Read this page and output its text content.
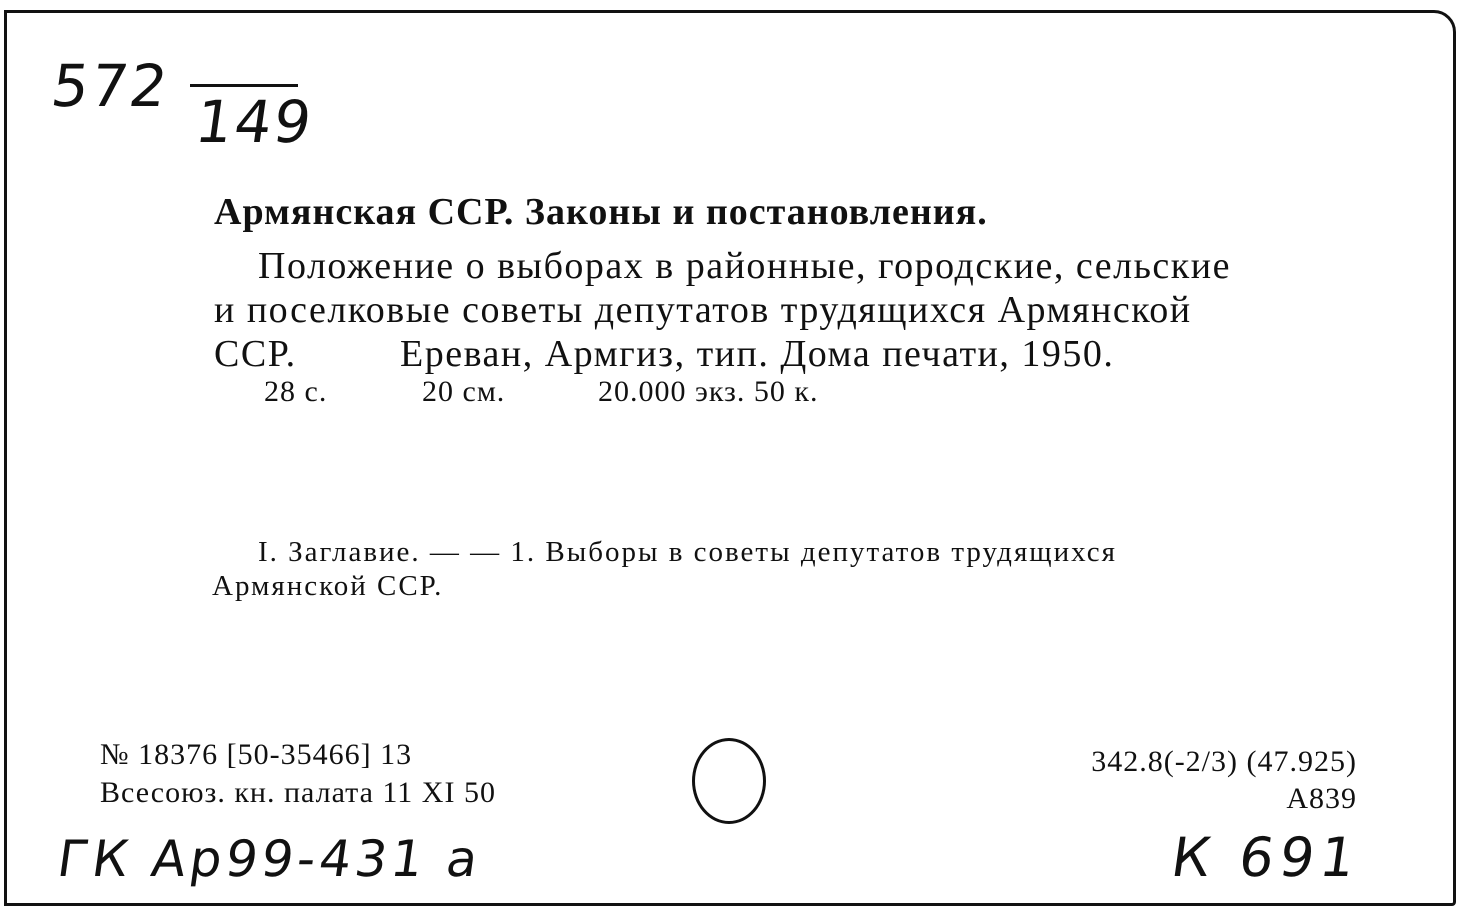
572
149
Армянская ССР. Законы и постановления.
Положение о выборах в районные, городские, сельские
и поселковые советы депутатов трудящихся Армянской
ССР.	Ереван, Армгиз, тип. Дома печати, 1950.
28 с.	20 см.	20.000 экз. 50 к.
I. Заглавие. — — 1. Выборы в советы депутатов трудящихся
Армянской ССР.
№ 18376 [50-35466] 13
Всесоюз. кн. палата 11 XI 50
342.8(-2/3) (47.925)
А839
ГК Ар99-431 а	К 691
